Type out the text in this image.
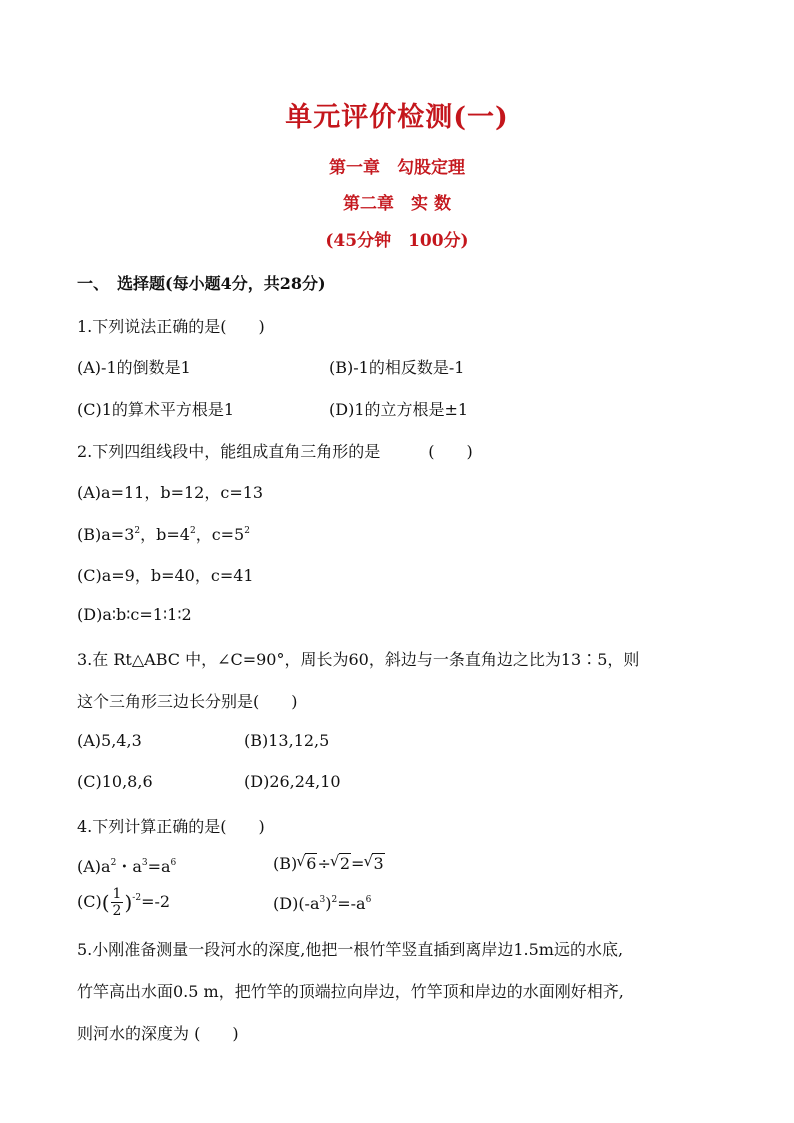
单元评价检测(一)
第一章　勾股定理
第二章　实 数
(45分钟　100分)
一、　选择题(每小题4分，共28分)
1.下列说法正确的是(　　)
(A)-1的倒数是1	(B)-1的相反数是-1
(C)1的算术平方根是1	(D)1的立方根是±1
2.下列四组线段中，能组成直角三角形的是　　　(　　)
(A)a=11，b=12，c=13
$(B)a=3^2$，$b=4^2$，$c=5^2$
(C)a=9，b=40，c=41
(D)a∶b∶c=1∶1∶2
3.在 Rt△ABC 中，∠C=90°，周长为60，斜边与一条直角边之比为13∶5，则
这个三角形三边长分别是(　　)
(A)5,4,3	(B)13,12,5
(C)10,8,6	(D)26,24,10
4.下列计算正确的是(　　)
$(A)a^2$・$a^3=a^6$	(B) √ 6÷ √ 2= √ 3
$(C)( \frac{1}{2} )^{-2}=-2$	$(D)(-a^3)^2=-a^6$
5.小刚准备测量一段河水的深度,他把一根竹竿竖直插到离岸边1.5m远的水底,
竹竿高出水面0.5 m，把竹竿的顶端拉向岸边，竹竿顶和岸边的水面刚好相齐,
则河水的深度为 (　　)
